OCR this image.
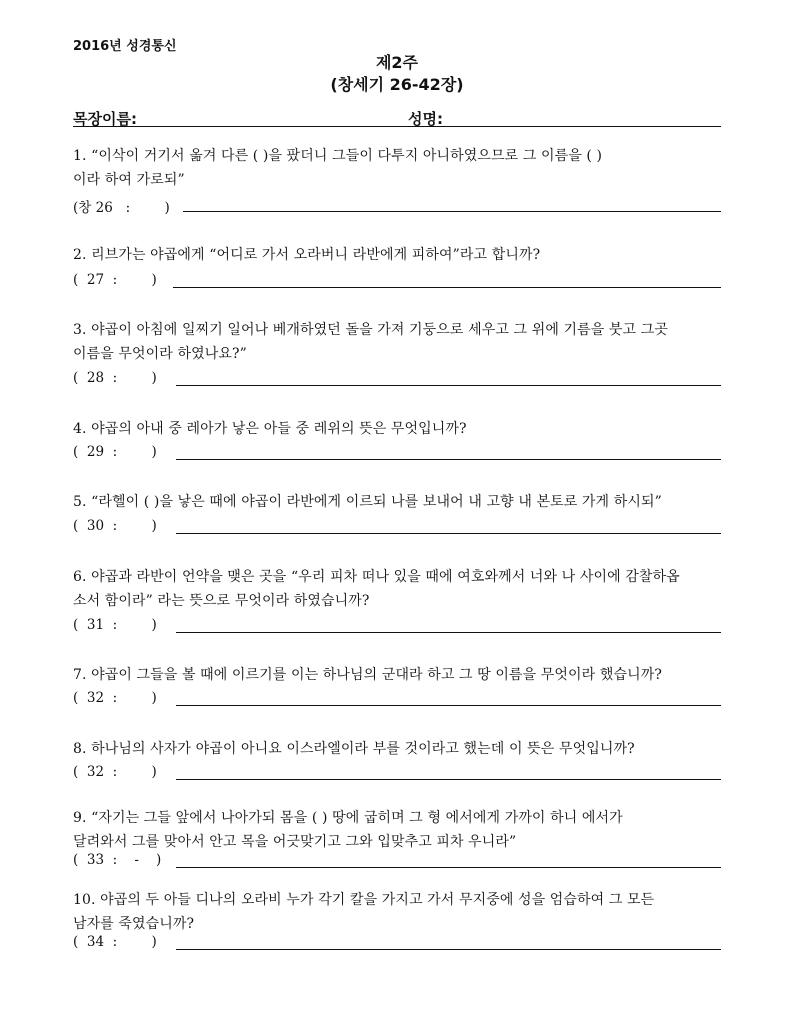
2016년 성경통신
제2주
(창세기 26-42장)
목장이름:	성명:
1. “이삭이 거기서 옮겨 다른 ( )을 팠더니 그들이 다투지 아니하였으므로 그 이름을 ( )
이라 하여 가로되”
(창 26   :        )
2. 리브가는 야곱에게 “어디로 가서 오라버니 라반에게 피하여”라고 합니까?
(  27  :        )
3. 야곱이 아침에 일찌기 일어나 베개하였던 돌을 가져 기둥으로 세우고 그 위에 기름을 붓고 그곳
이름을 무엇이라 하였나요?”
(  28  :        )
4. 야곱의 아내 중 레아가 낳은 아들 중 레위의 뜻은 무엇입니까?
(  29  :        )
5. “라헬이 ( )을 낳은 때에 야곱이 라반에게 이르되 나를 보내어 내 고향 내 본토로 가게 하시되”
(  30  :        )
6. 야곱과 라반이 언약을 맺은 곳을 “우리 피차 떠나 있을 때에 여호와께서 너와 나 사이에 감찰하옵
소서 함이라” 라는 뜻으로 무엇이라 하였습니까?
(  31  :        )
7. 야곱이 그들을 볼 때에 이르기를 이는 하나님의 군대라 하고 그 땅 이름을 무엇이라 했습니까?
(  32  :        )
8. 하나님의 사자가 야곱이 아니요 이스라엘이라 부를 것이라고 했는데 이 뜻은 무엇입니까?
(  32  :        )
9. “자기는 그들 앞에서 나아가되 몸을 ( ) 땅에 굽히며 그 형 에서에게 가까이 하니 에서가
달려와서 그를 맞아서 안고 목을 어긋맞기고 그와 입맞추고 피차 우니라”
(  33  :    -    )
10. 야곱의 두 아들 디나의 오라비 누가 각기 칼을 가지고 가서 무지중에 성을 엄습하여 그 모든
남자를 죽였습니까?
(  34  :        )
